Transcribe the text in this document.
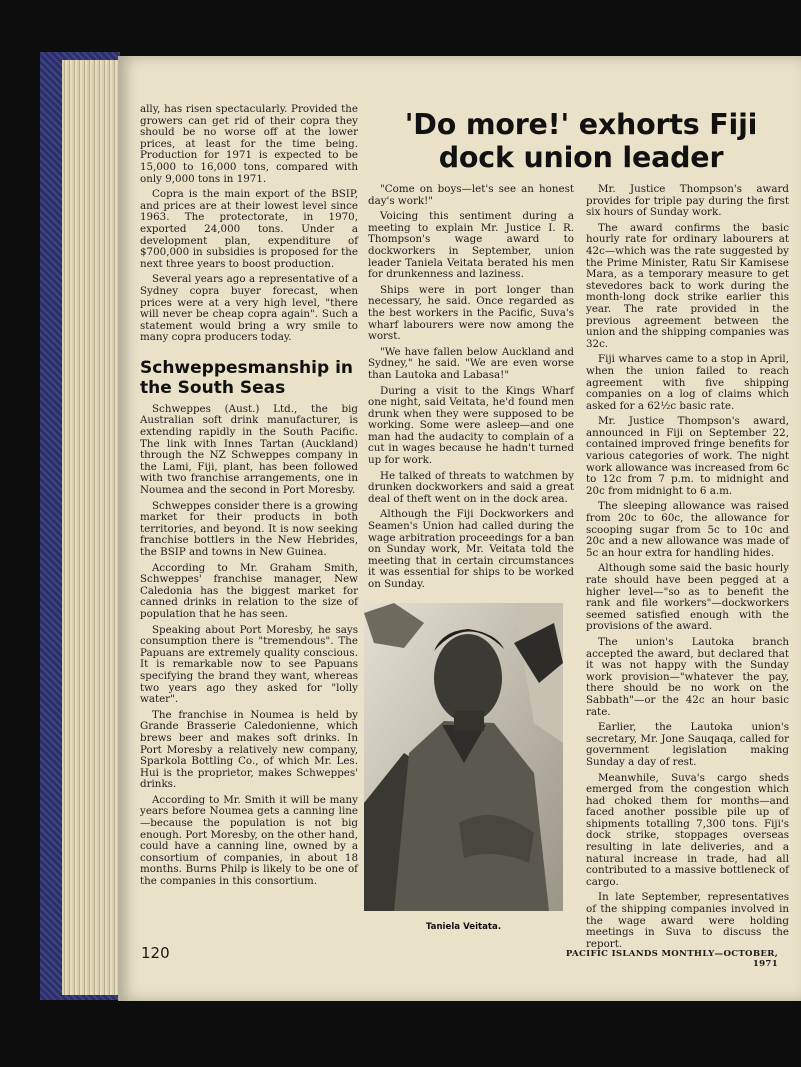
ally, has risen spectacularly. Provided the growers can get rid of their copra they should be no worse off at the lower prices, at least for the time being. Production for 1971 is expected to be 15,000 to 16,000 tons, compared with only 9,000 tons in 1971.

Copra is the main export of the BSIP, and prices are at their lowest level since 1963. The protectorate, in 1970, exported 24,000 tons. Under a development plan, expenditure of $700,000 in subsidies is proposed for the next three years to boost production.

Several years ago a representative of a Sydney copra buyer forecast, when prices were at a very high level, "there will never be cheap copra again". Such a statement would bring a wry smile to many copra producers today.

Schweppesmanship in the South Seas

Schweppes (Aust.) Ltd., the big Australian soft drink manufacturer, is extending rapidly in the South Pacific. The link with Innes Tartan (Auckland) through the NZ Schweppes company in the Lami, Fiji, plant, has been followed with two franchise arrangements, one in Noumea and the second in Port Moresby.

Schweppes consider there is a growing market for their products in both territories, and beyond. It is now seeking franchise bottlers in the New Hebrides, the BSIP and towns in New Guinea.

According to Mr. Graham Smith, Schweppes' franchise manager, New Caledonia has the biggest market for canned drinks in relation to the size of population that he has seen.

Speaking about Port Moresby, he says consumption there is "tremendous". The Papuans are extremely quality conscious. It is remarkable now to see Papuans specifying the brand they want, whereas two years ago they asked for "lolly water".

The franchise in Noumea is held by Grande Brasserie Caledonienne, which brews beer and makes soft drinks. In Port Moresby a relatively new company, Sparkola Bottling Co., of which Mr. Les. Hui is the proprietor, makes Schweppes' drinks.

According to Mr. Smith it will be many years before Noumea gets a canning line—because the population is not big enough. Port Moresby, on the other hand, could have a canning line, owned by a consortium of companies, in about 18 months. Burns Philp is likely to be one of the companies in this consortium.

'Do more!' exhorts Fiji dock union leader

"Come on boys—let's see an honest day's work!"

Voicing this sentiment during a meeting to explain Mr. Justice I. R. Thompson's wage award to dockworkers in September, union leader Taniela Veitata berated his men for drunkenness and laziness.

Ships were in port longer than necessary, he said. Once regarded as the best workers in the Pacific, Suva's wharf labourers were now among the worst.

"We have fallen below Auckland and Sydney," he said. "We are even worse than Lautoka and Labasa!"

During a visit to the Kings Wharf one night, said Veitata, he'd found men drunk when they were supposed to be working. Some were asleep—and one man had the audacity to complain of a cut in wages because he hadn't turned up for work.

He talked of threats to watchmen by drunken dockworkers and said a great deal of theft went on in the dock area.

Although the Fiji Dockworkers and Seamen's Union had called during the wage arbitration proceedings for a ban on Sunday work, Mr. Veitata told the meeting that in certain circumstances it was essential for ships to be worked on Sunday.

Mr. Justice Thompson's award provides for triple pay during the first six hours of Sunday work.

The award confirms the basic hourly rate for ordinary labourers at 42c—which was the rate suggested by the Prime Minister, Ratu Sir Kamisese Mara, as a temporary measure to get stevedores back to work during the month-long dock strike earlier this year. The rate provided in the previous agreement between the union and the shipping companies was 32c.

Fiji wharves came to a stop in April, when the union failed to reach agreement with five shipping companies on a log of claims which asked for a 62½c basic rate.

Mr. Justice Thompson's award, announced in Fiji on September 22, contained improved fringe benefits for various categories of work. The night work allowance was increased from 6c to 12c from 7 p.m. to midnight and 20c from midnight to 6 a.m.

The sleeping allowance was raised from 20c to 60c, the allowance for scooping sugar from 5c to 10c and 20c and a new allowance was made of 5c an hour extra for handling hides.

Although some said the basic hourly rate should have been pegged at a higher level—"so as to benefit the rank and file workers"—dockworkers seemed satisfied enough with the provisions of the award.

The union's Lautoka branch accepted the award, but declared that it was not happy with the Sunday work provision—"whatever the pay, there should be no work on the Sabbath"—or the 42c an hour basic rate.

Earlier, the Lautoka union's secretary, Mr. Jone Sauqaqa, called for government legislation making Sunday a day of rest.

Meanwhile, Suva's cargo sheds emerged from the congestion which had choked them for months—and faced another possible pile up of shipments totalling 7,300 tons. Fiji's dock strike, stoppages overseas resulting in late deliveries, and a natural increase in trade, had all contributed to a massive bottleneck of cargo.

In late September, representatives of the shipping companies involved in the wage award were holding meetings in Suva to discuss the report.

Taniela Veitata.
120	PACIFIC ISLANDS MONTHLY—OCTOBER, 1971
